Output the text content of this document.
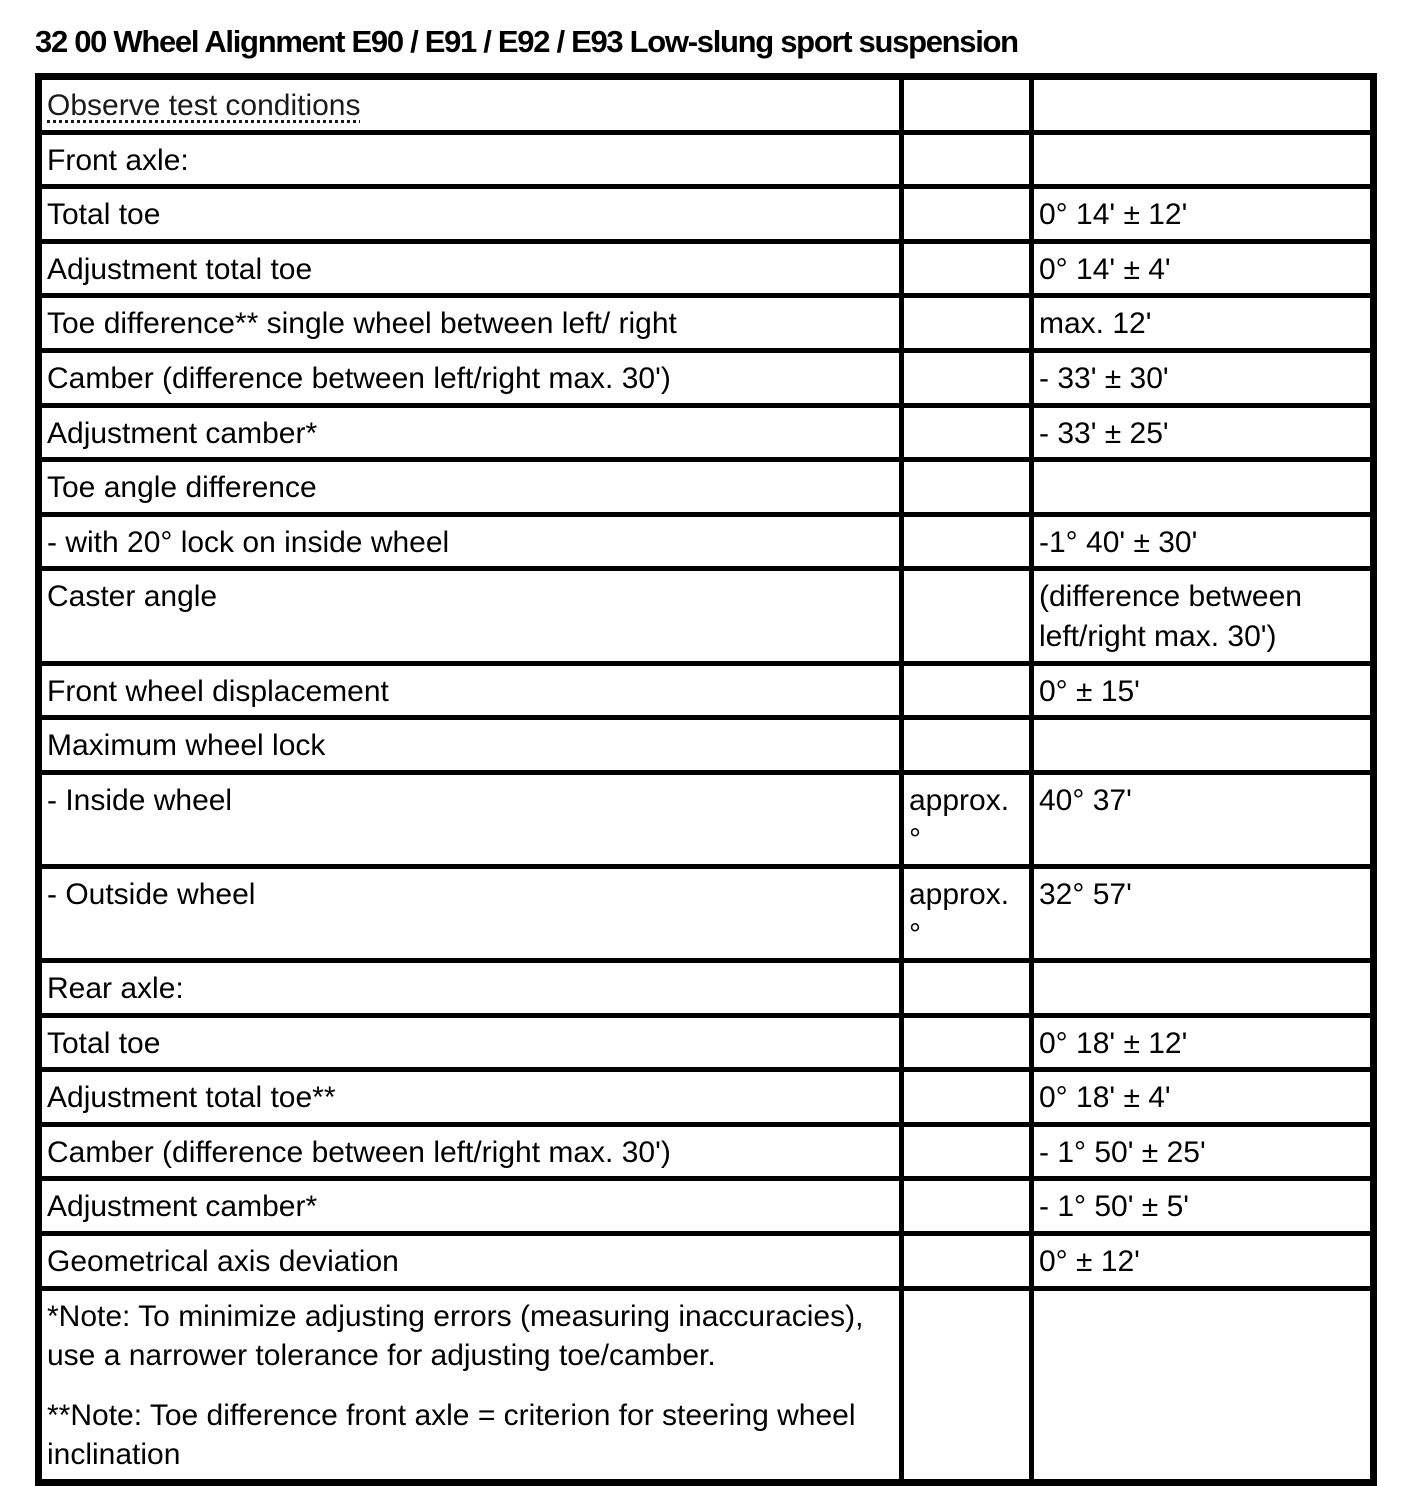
32 00 Wheel Alignment E90 / E91 / E92 / E93 Low-slung sport suspension
Observe test conditions		
Front axle:		
Total toe		0° 14' ± 12'
Adjustment total toe		0° 14' ± 4'
Toe difference** single wheel between left/ right		max. 12'
Camber (difference between left/right max. 30')		- 33' ± 30'
Adjustment camber*		- 33' ± 25'
Toe angle difference		
- with 20° lock on inside wheel		-1° 40' ± 30'
Caster angle		(difference between left/right max. 30')
Front wheel displacement		0° ± 15'
Maximum wheel lock		
- Inside wheel	approx. °	40° 37'
- Outside wheel	approx. °	32° 57'
Rear axle:		
Total toe		0° 18' ± 12'
Adjustment total toe**		0° 18' ± 4'
Camber (difference between left/right max. 30')		- 1° 50' ± 25'
Adjustment camber*		- 1° 50' ± 5'
Geometrical axis deviation		0° ± 12'

*Note: To minimize adjusting errors (measuring inaccuracies), use a narrower tolerance for adjusting toe/camber.

**Note: Toe difference front axle = criterion for steering wheel inclination		
